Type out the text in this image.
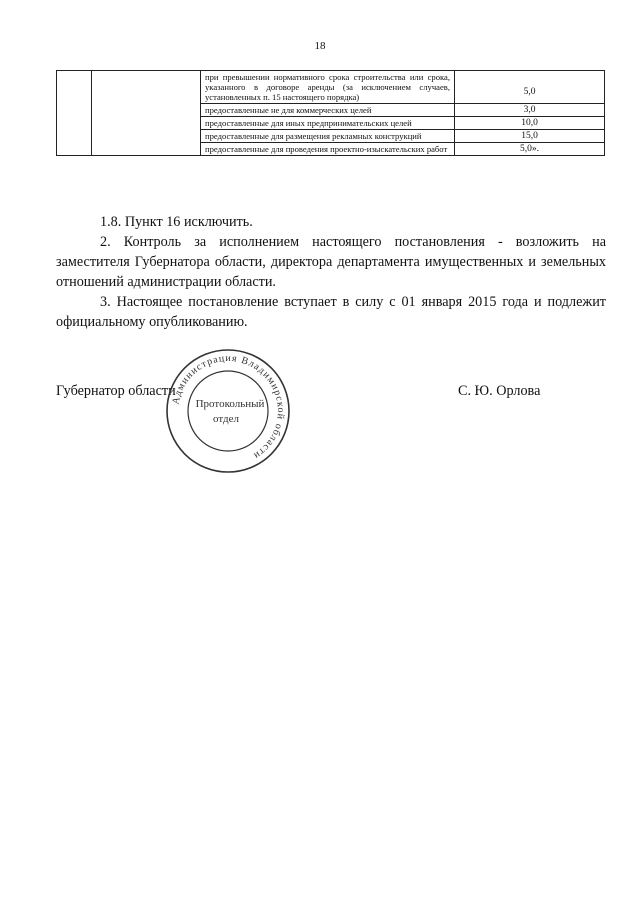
18
		при превышении нормативного срока строительства или срока, указанного в договоре аренды (за исключением случаев, установленных п. 15 настоящего порядка)	5,0
		предоставленные не для коммерческих целей	3,0
		предоставленные для иных предпринимательских целей	10,0
		предоставленные для размещения рекламных конструкций	15,0
		предоставленные для проведения проектно-изыскательских работ	5,0».

1.8. Пункт 16 исключить.

2. Контроль за исполнением настоящего постановления - возложить на заместителя Губернатора области, директора департамента имущественных и земельных отношений администрации области.

3. Настоящее постановление вступает в силу с 01 января 2015 года и подлежит официальному опубликованию.

Губернатор области	С. Ю. Орлова
Администрация Владимирской области
Протокольный
отдел
